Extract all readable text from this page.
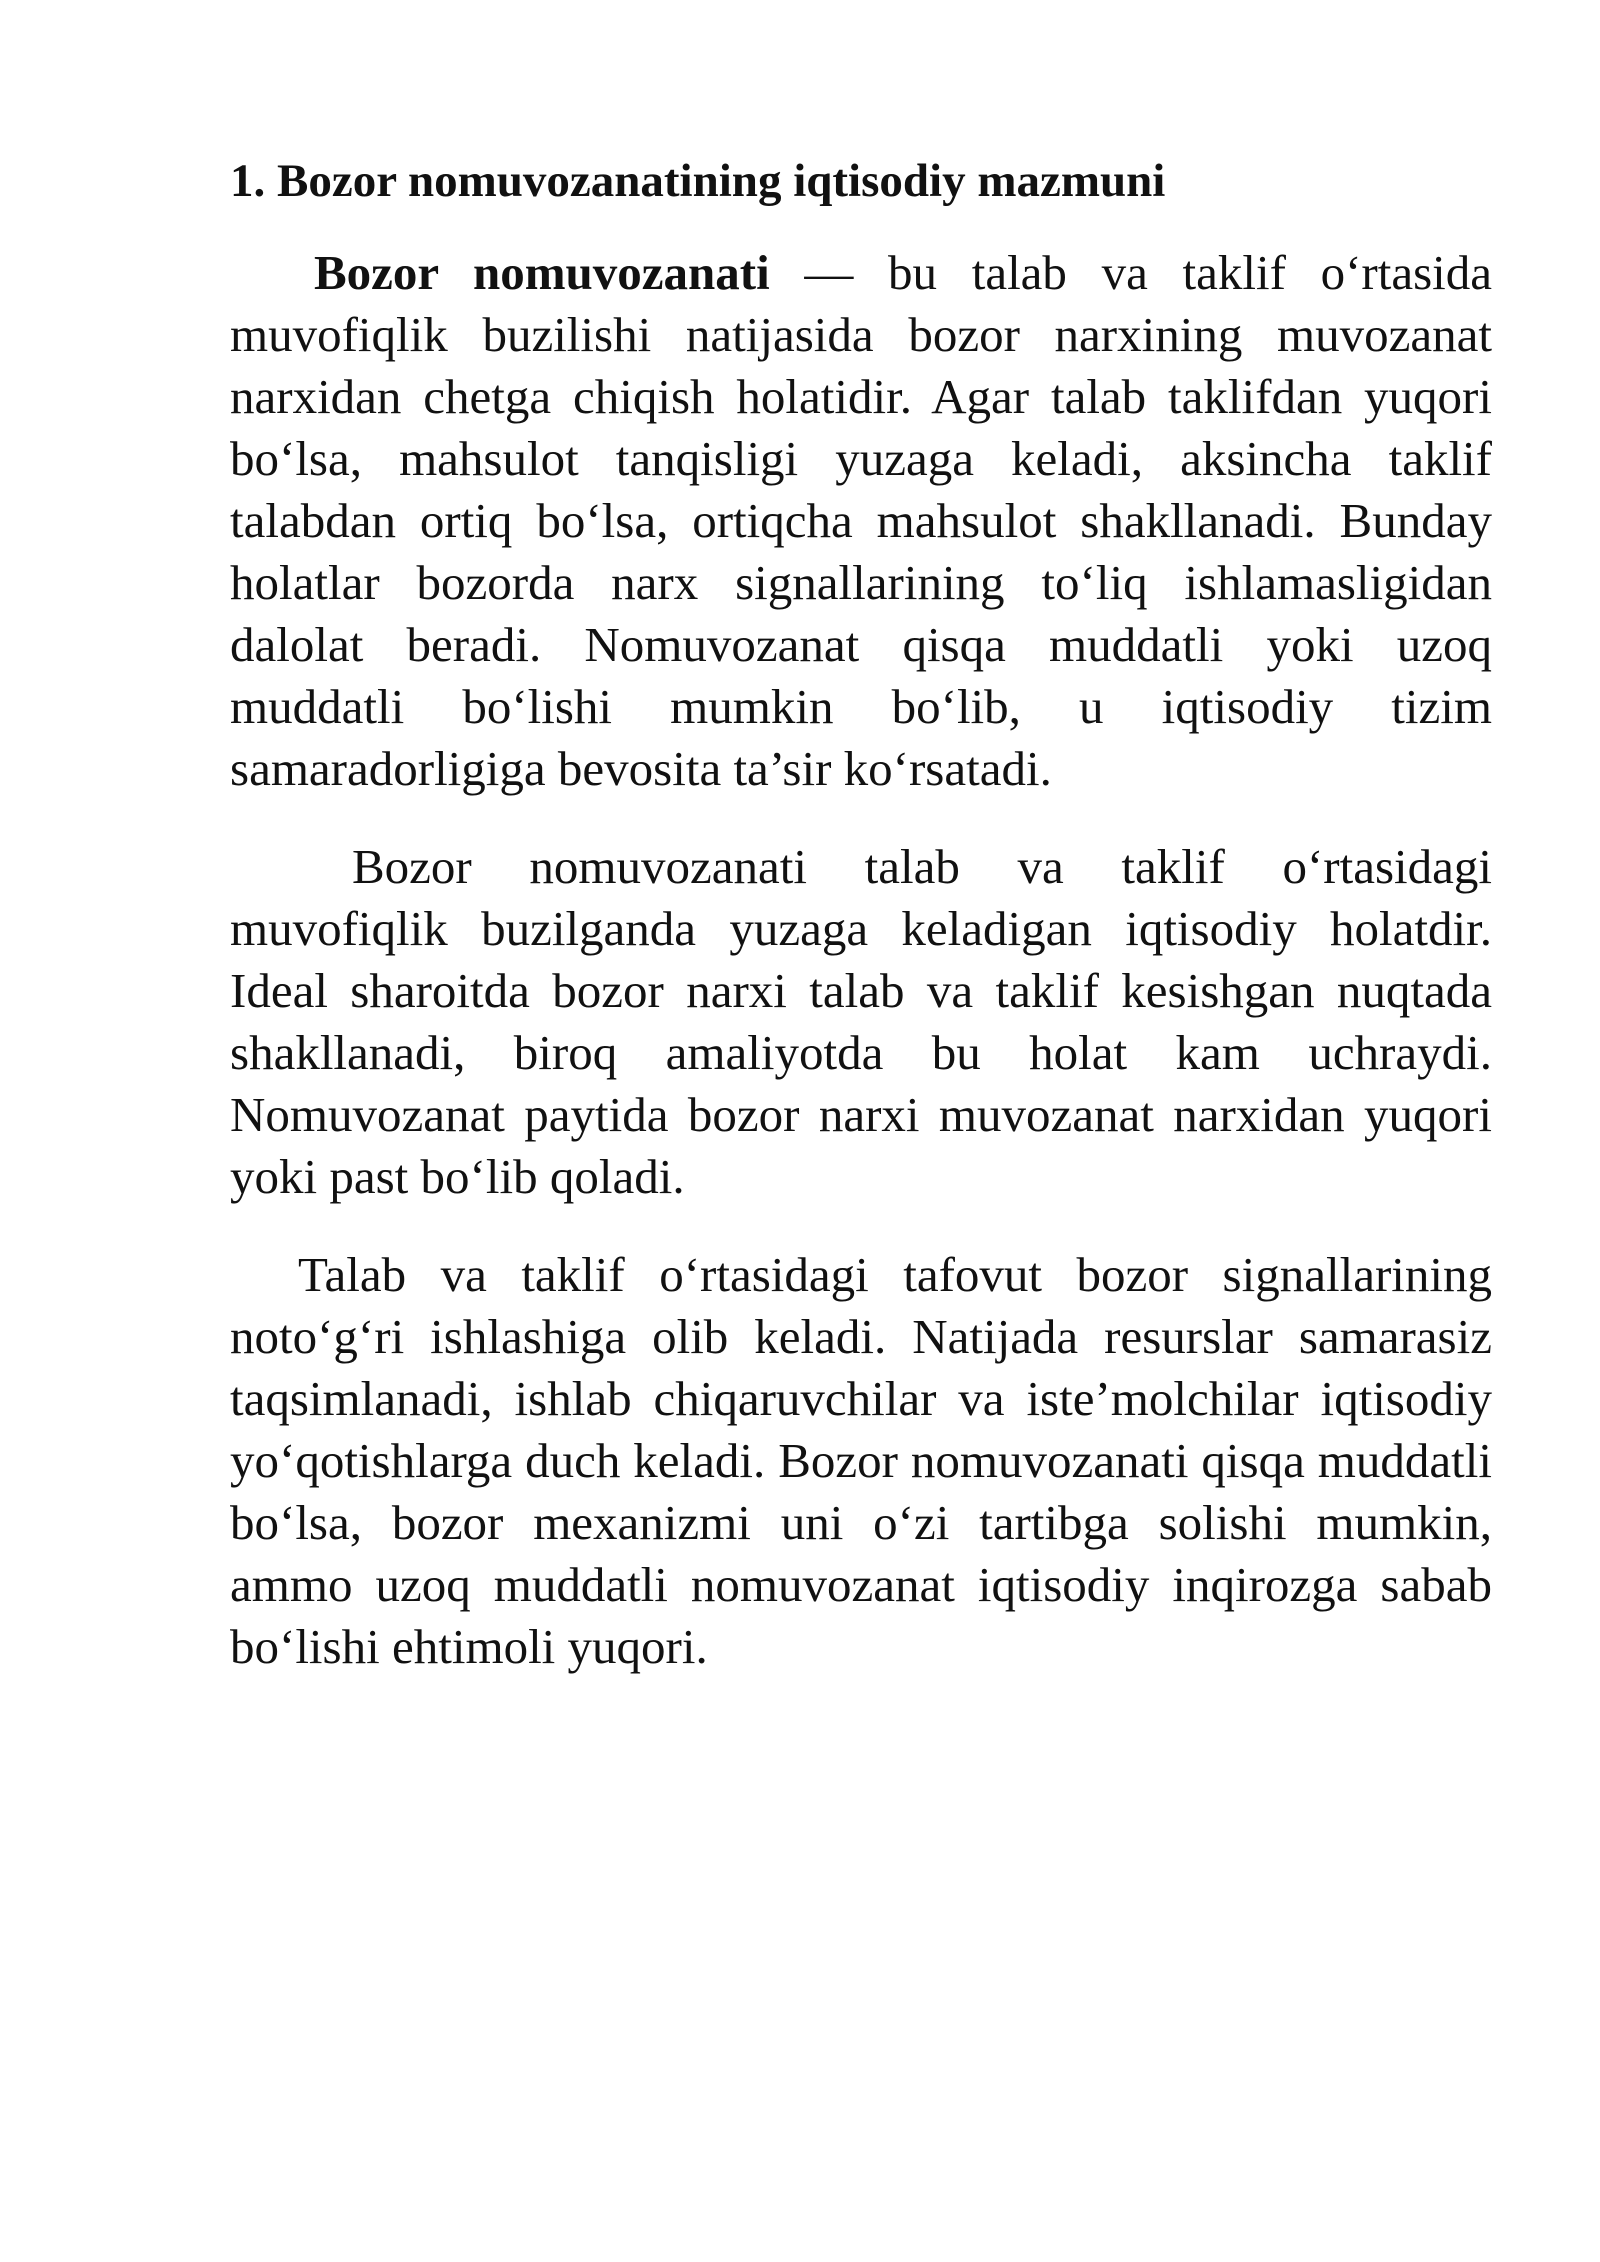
1. Bozor nomuvozanatining iqtisodiy mazmuni

Bozor nomuvozanati — bu talab va taklif o‘rtasida muvofiqlik buzilishi natijasida bozor narxining muvozanat narxidan chetga chiqish holatidir. Agar talab taklifdan yuqori bo‘lsa, mahsulot tanqisligi yuzaga keladi, aksincha taklif talabdan ortiq bo‘lsa, ortiqcha mahsulot shakllanadi. Bunday holatlar bozorda narx signallarining to‘liq ishlamasligidan dalolat beradi. Nomuvozanat qisqa muddatli yoki uzoq muddatli bo‘lishi mumkin bo‘lib, u iqtisodiy tizim samaradorligiga bevosita ta’sir ko‘rsatadi.

Bozor nomuvozanati talab va taklif o‘rtasidagi muvofiqlik buzilganda yuzaga keladigan iqtisodiy holatdir. Ideal sharoitda bozor narxi talab va taklif kesishgan nuqtada shakllanadi, biroq amaliyotda bu holat kam uchraydi. Nomuvozanat paytida bozor narxi muvozanat narxidan yuqori yoki past bo‘lib qoladi.

Talab va taklif o‘rtasidagi tafovut bozor signallarining noto‘g‘ri ishlashiga olib keladi. Natijada resurslar samarasiz taqsimlanadi, ishlab chiqaruvchilar va iste’molchilar iqtisodiy yo‘qotishlarga duch keladi. Bozor nomuvozanati qisqa muddatli bo‘lsa, bozor mexanizmi uni o‘zi tartibga solishi mumkin, ammo uzoq muddatli nomuvozanat iqtisodiy inqirozga sabab bo‘lishi ehtimoli yuqori.
